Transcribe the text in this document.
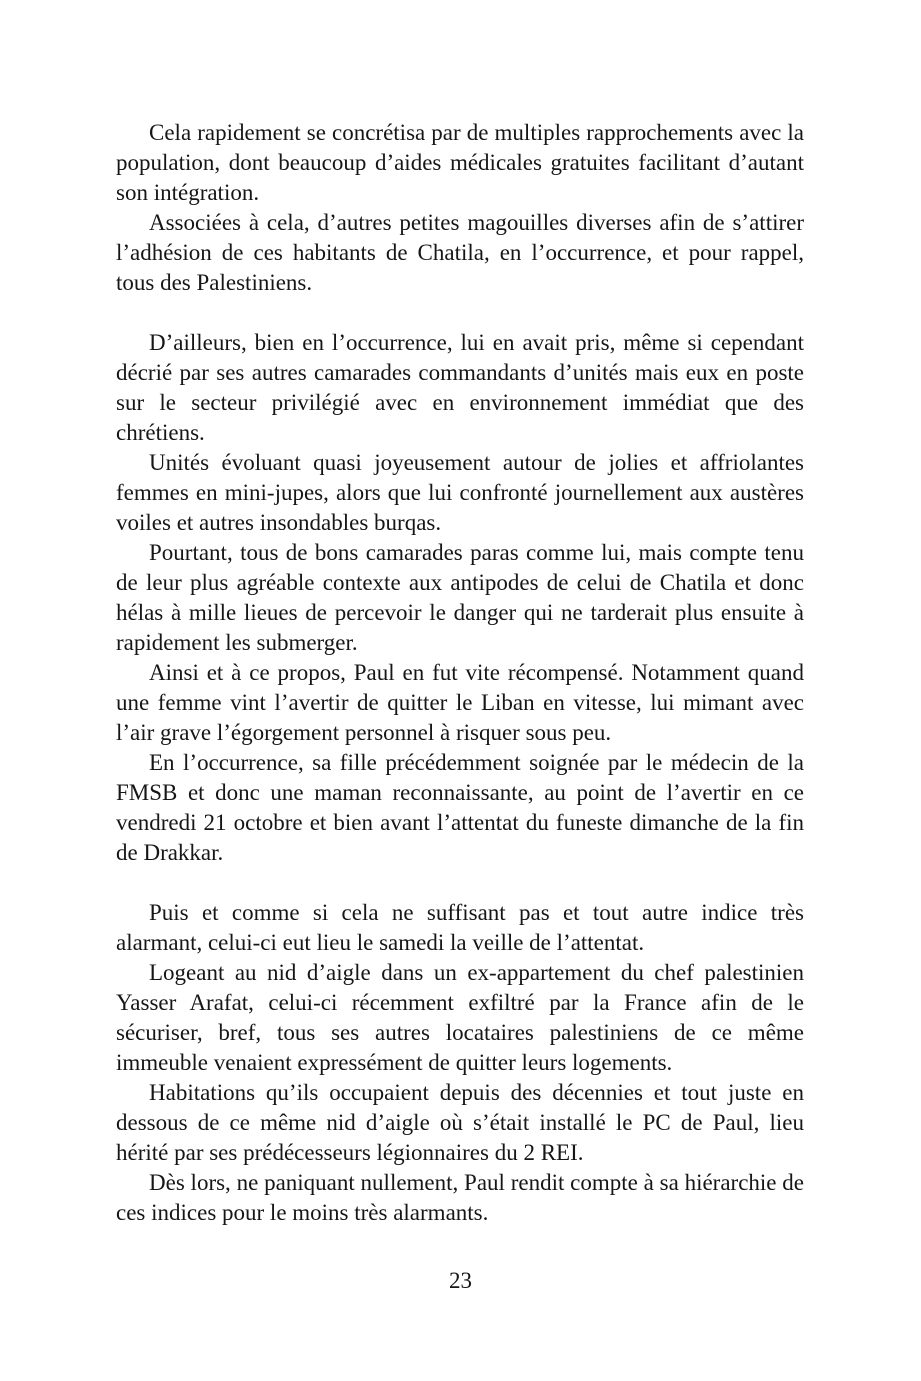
Cela rapidement se concrétisa par de multiples rapprochements avec la population, dont beaucoup d’aides médicales gratuites facilitant d’autant son intégration.

Associées à cela, d’autres petites magouilles diverses afin de s’attirer l’adhésion de ces habitants de Chatila, en l’occurrence, et pour rappel, tous des Palestiniens.

D’ailleurs, bien en l’occurrence, lui en avait pris, même si cependant décrié par ses autres camarades commandants d’unités mais eux en poste sur le secteur privilégié avec en environnement immédiat que des chrétiens.

Unités évoluant quasi joyeusement autour de jolies et affriolantes femmes en mini-jupes, alors que lui confronté journellement aux austères voiles et autres insondables burqas.

Pourtant, tous de bons camarades paras comme lui, mais compte tenu de leur plus agréable contexte aux antipodes de celui de Chatila et donc hélas à mille lieues de percevoir le danger qui ne tarderait plus ensuite à rapidement les submerger.

Ainsi et à ce propos, Paul en fut vite récompensé. Notamment quand une femme vint l’avertir de quitter le Liban en vitesse, lui mimant avec l’air grave l’égorgement personnel à risquer sous peu.

En l’occurrence, sa fille précédemment soignée par le médecin de la FMSB et donc une maman reconnaissante, au point de l’avertir en ce vendredi 21 octobre et bien avant l’attentat du funeste dimanche de la fin de Drakkar.

Puis et comme si cela ne suffisant pas et tout autre indice très alarmant, celui-ci eut lieu le samedi la veille de l’attentat.

Logeant au nid d’aigle dans un ex-appartement du chef palestinien Yasser Arafat, celui-ci récemment exfiltré par la France afin de le sécuriser, bref, tous ses autres locataires palestiniens de ce même immeuble venaient expressément de quitter leurs logements.

Habitations qu’ils occupaient depuis des décennies et tout juste en dessous de ce même nid d’aigle où s’était installé le PC de Paul, lieu hérité par ses prédécesseurs légionnaires du 2 REI.

Dès lors, ne paniquant nullement, Paul rendit compte à sa hiérarchie de ces indices pour le moins très alarmants.

23
